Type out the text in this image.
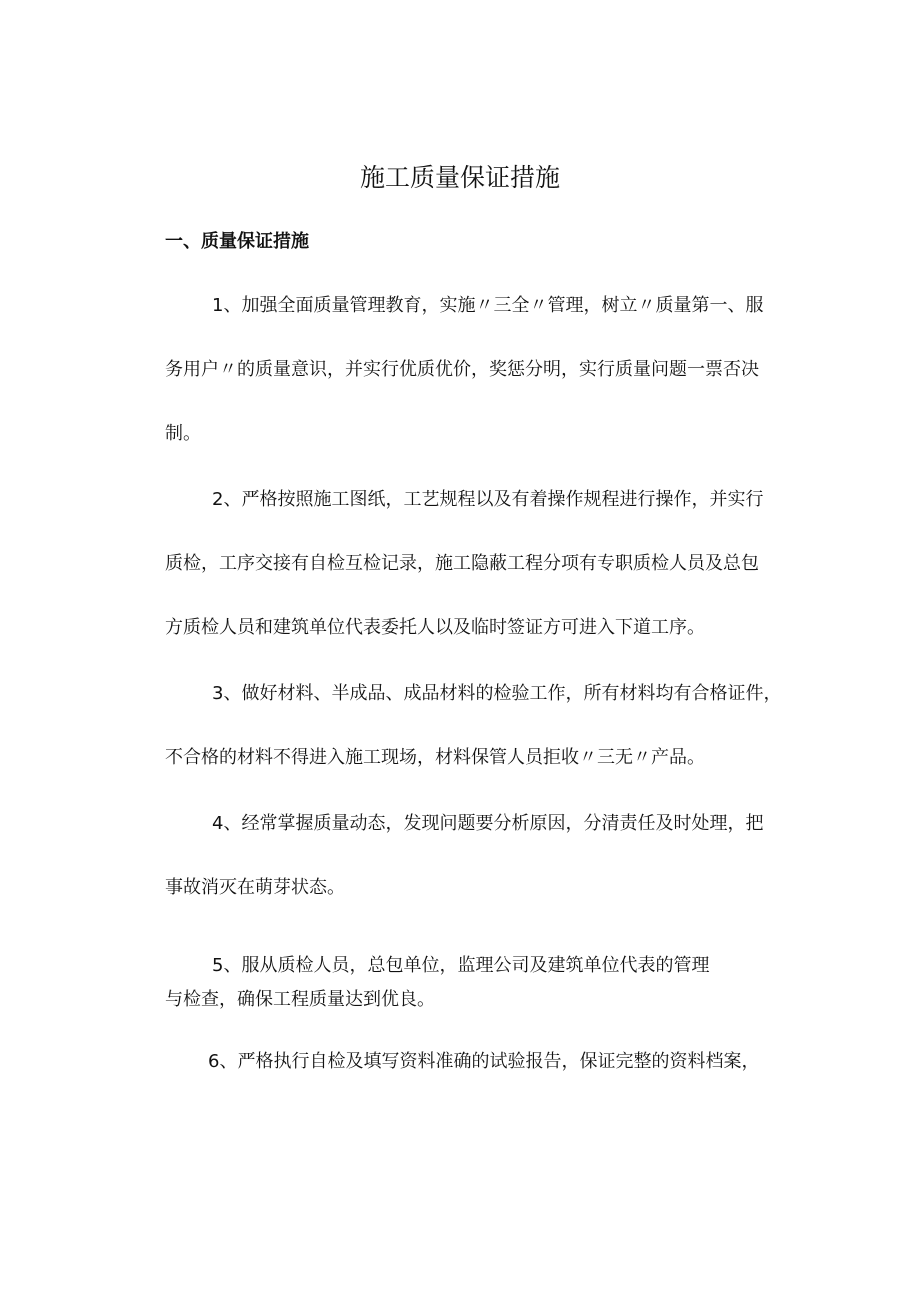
施工质量保证措施
一、质量保证措施
1、加强全面质量管理教育，实施〃三全〃管理，树立〃质量第一、服
务用户〃的质量意识，并实行优质优价，奖惩分明，实行质量问题一票否决
制。
2、严格按照施工图纸，工艺规程以及有着操作规程进行操作，并实行
质检，工序交接有自检互检记录，施工隐蔽工程分项有专职质检人员及总包
方质检人员和建筑单位代表委托人以及临时签证方可进入下道工序。
3、做好材料、半成品、成品材料的检验工作，所有材料均有合格证件，
不合格的材料不得进入施工现场，材料保管人员拒收〃三无〃产品。
4、经常掌握质量动态，发现问题要分析原因，分清责任及时处理，把
事故消灭在萌芽状态。
5、服从质检人员，总包单位，监理公司及建筑单位代表的管理
与检查，确保工程质量达到优良。
6、严格执行自检及填写资料准确的试验报告，保证完整的资料档案，
